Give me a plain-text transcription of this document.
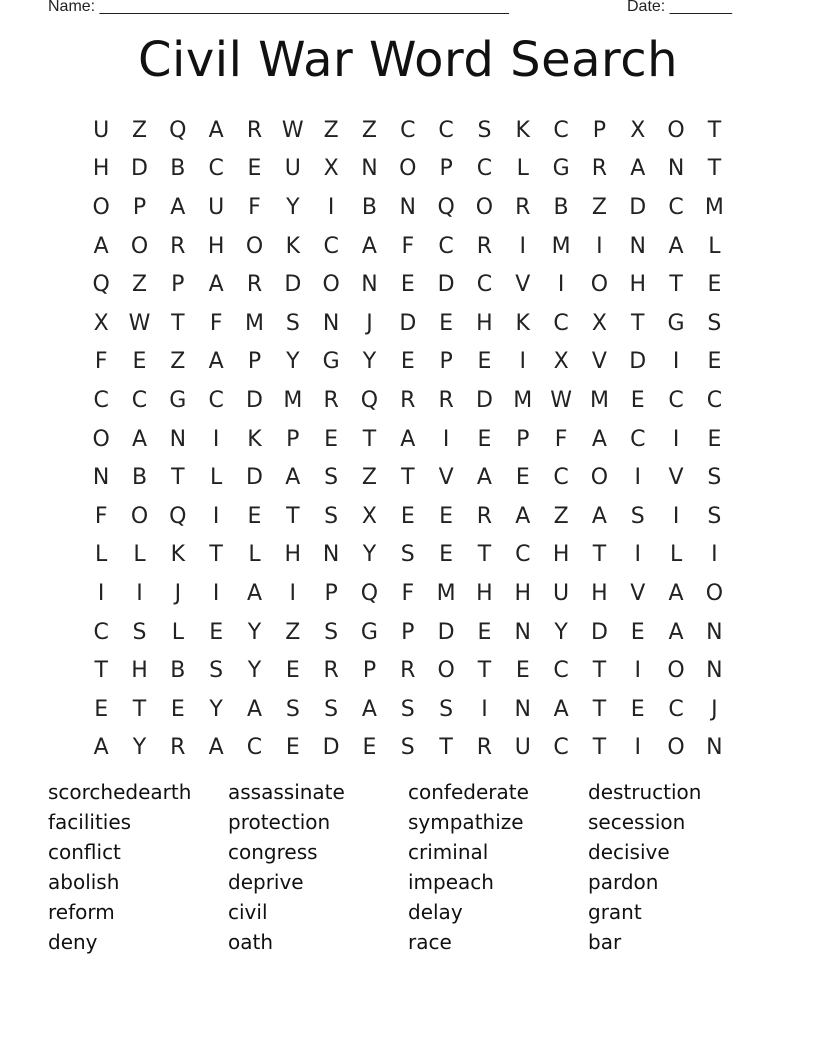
Name: ______________________________________________	Date: _______
Civil War Word Search
U	Z	Q	A	R W Z	Z	C	C	S	K	C	P	X	O	T
H D	B	C	E	U	X	N O	P	C	L	G	R	A	N	T
O	P	A	U	F	Y	I	B	N Q O	R	B	Z	D	C M
A	O	R	H O	K	C	A	F	C	R	I	M	I	N	A	L
Q	Z	P	A	R	D O N	E	D	C	V	I	O H	T	E
X W T	F	M S	N	J	D	E	H	K	C	X	T	G	S
F	E	Z	A	P	Y	G	Y	E	P	E	I	X	V	D	I	E
C	C	G	C	D M R	Q	R	R	D M W M E	C	C
O	A	N	I	K	P	E	T	A	I	E	P	F	A	C	I	E
N	B	T	L	D	A	S	Z	T	V	A	E	C O	I	V	S
F	O Q	I	E	T	S	X	E	E	R	A	Z	A	S	I	S
L	L	K	T	L	H N	Y	S	E	T	C	H	T	I	L	I
I	I	J	I	A	I	P	Q	F	M H H	U	H	V	A	O
C	S	L	E	Y	Z	S	G	P	D	E	N	Y	D	E	A	N
T	H	B	S	Y	E	R	P	R	O	T	E	C	T	I	O N
E	T	E	Y	A	S	S	A	S	S	I	N	A	T	E	C	J
A	Y	R	A	C	E	D	E	S	T	R	U	C	T	I	O N
scorchedearth	assassinate	confederate	destruction
facilities	protection	sympathize	secession
conflict	congress	criminal	decisive
abolish	deprive	impeach	pardon
reform	civil	delay	grant
deny	oath	race	bar
